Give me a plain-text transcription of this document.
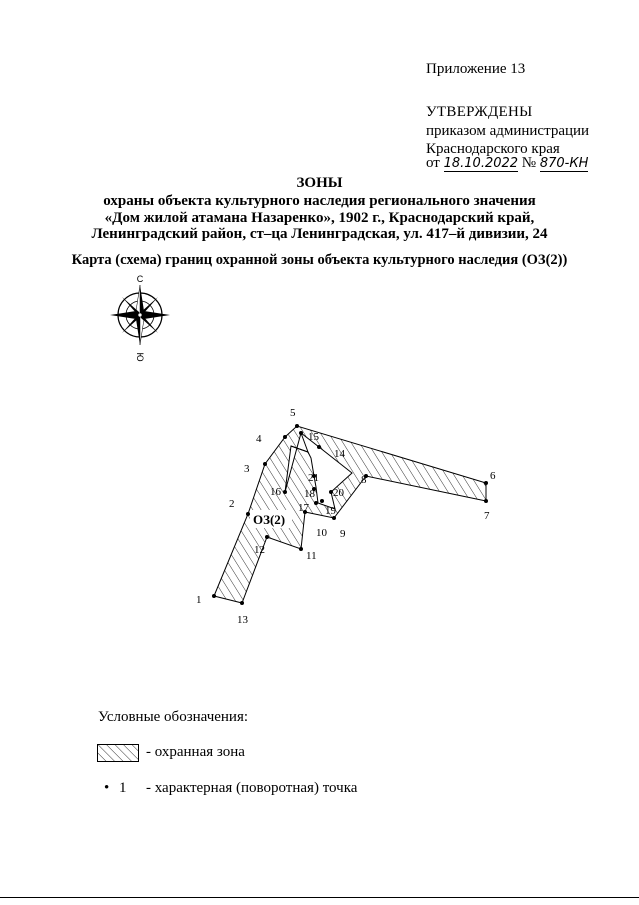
Приложение 13
УТВЕРЖДЕНЫ
приказом администрации
Краснодарского края
от 18.10.2022 № 870-КН
ЗОНЫ
охраны объекта культурного наследия регионального значения
«Дом жилой атамана Назаренко», 1902 г., Краснодарский край,
Ленинградский район, ст–ца Ленинградская, ул. 417–й дивизии, 24
Карта (схема) границ охранной зоны объекта культурного наследия (ОЗ(2))
С
Ю
1
2
3
4
5
6
7
8
9
10
11
12
13
14
15
16
17
18
19
20
21
ОЗ(2)
Условные обозначения:
- охранная зона
• 1 - характерная (поворотная) точка
